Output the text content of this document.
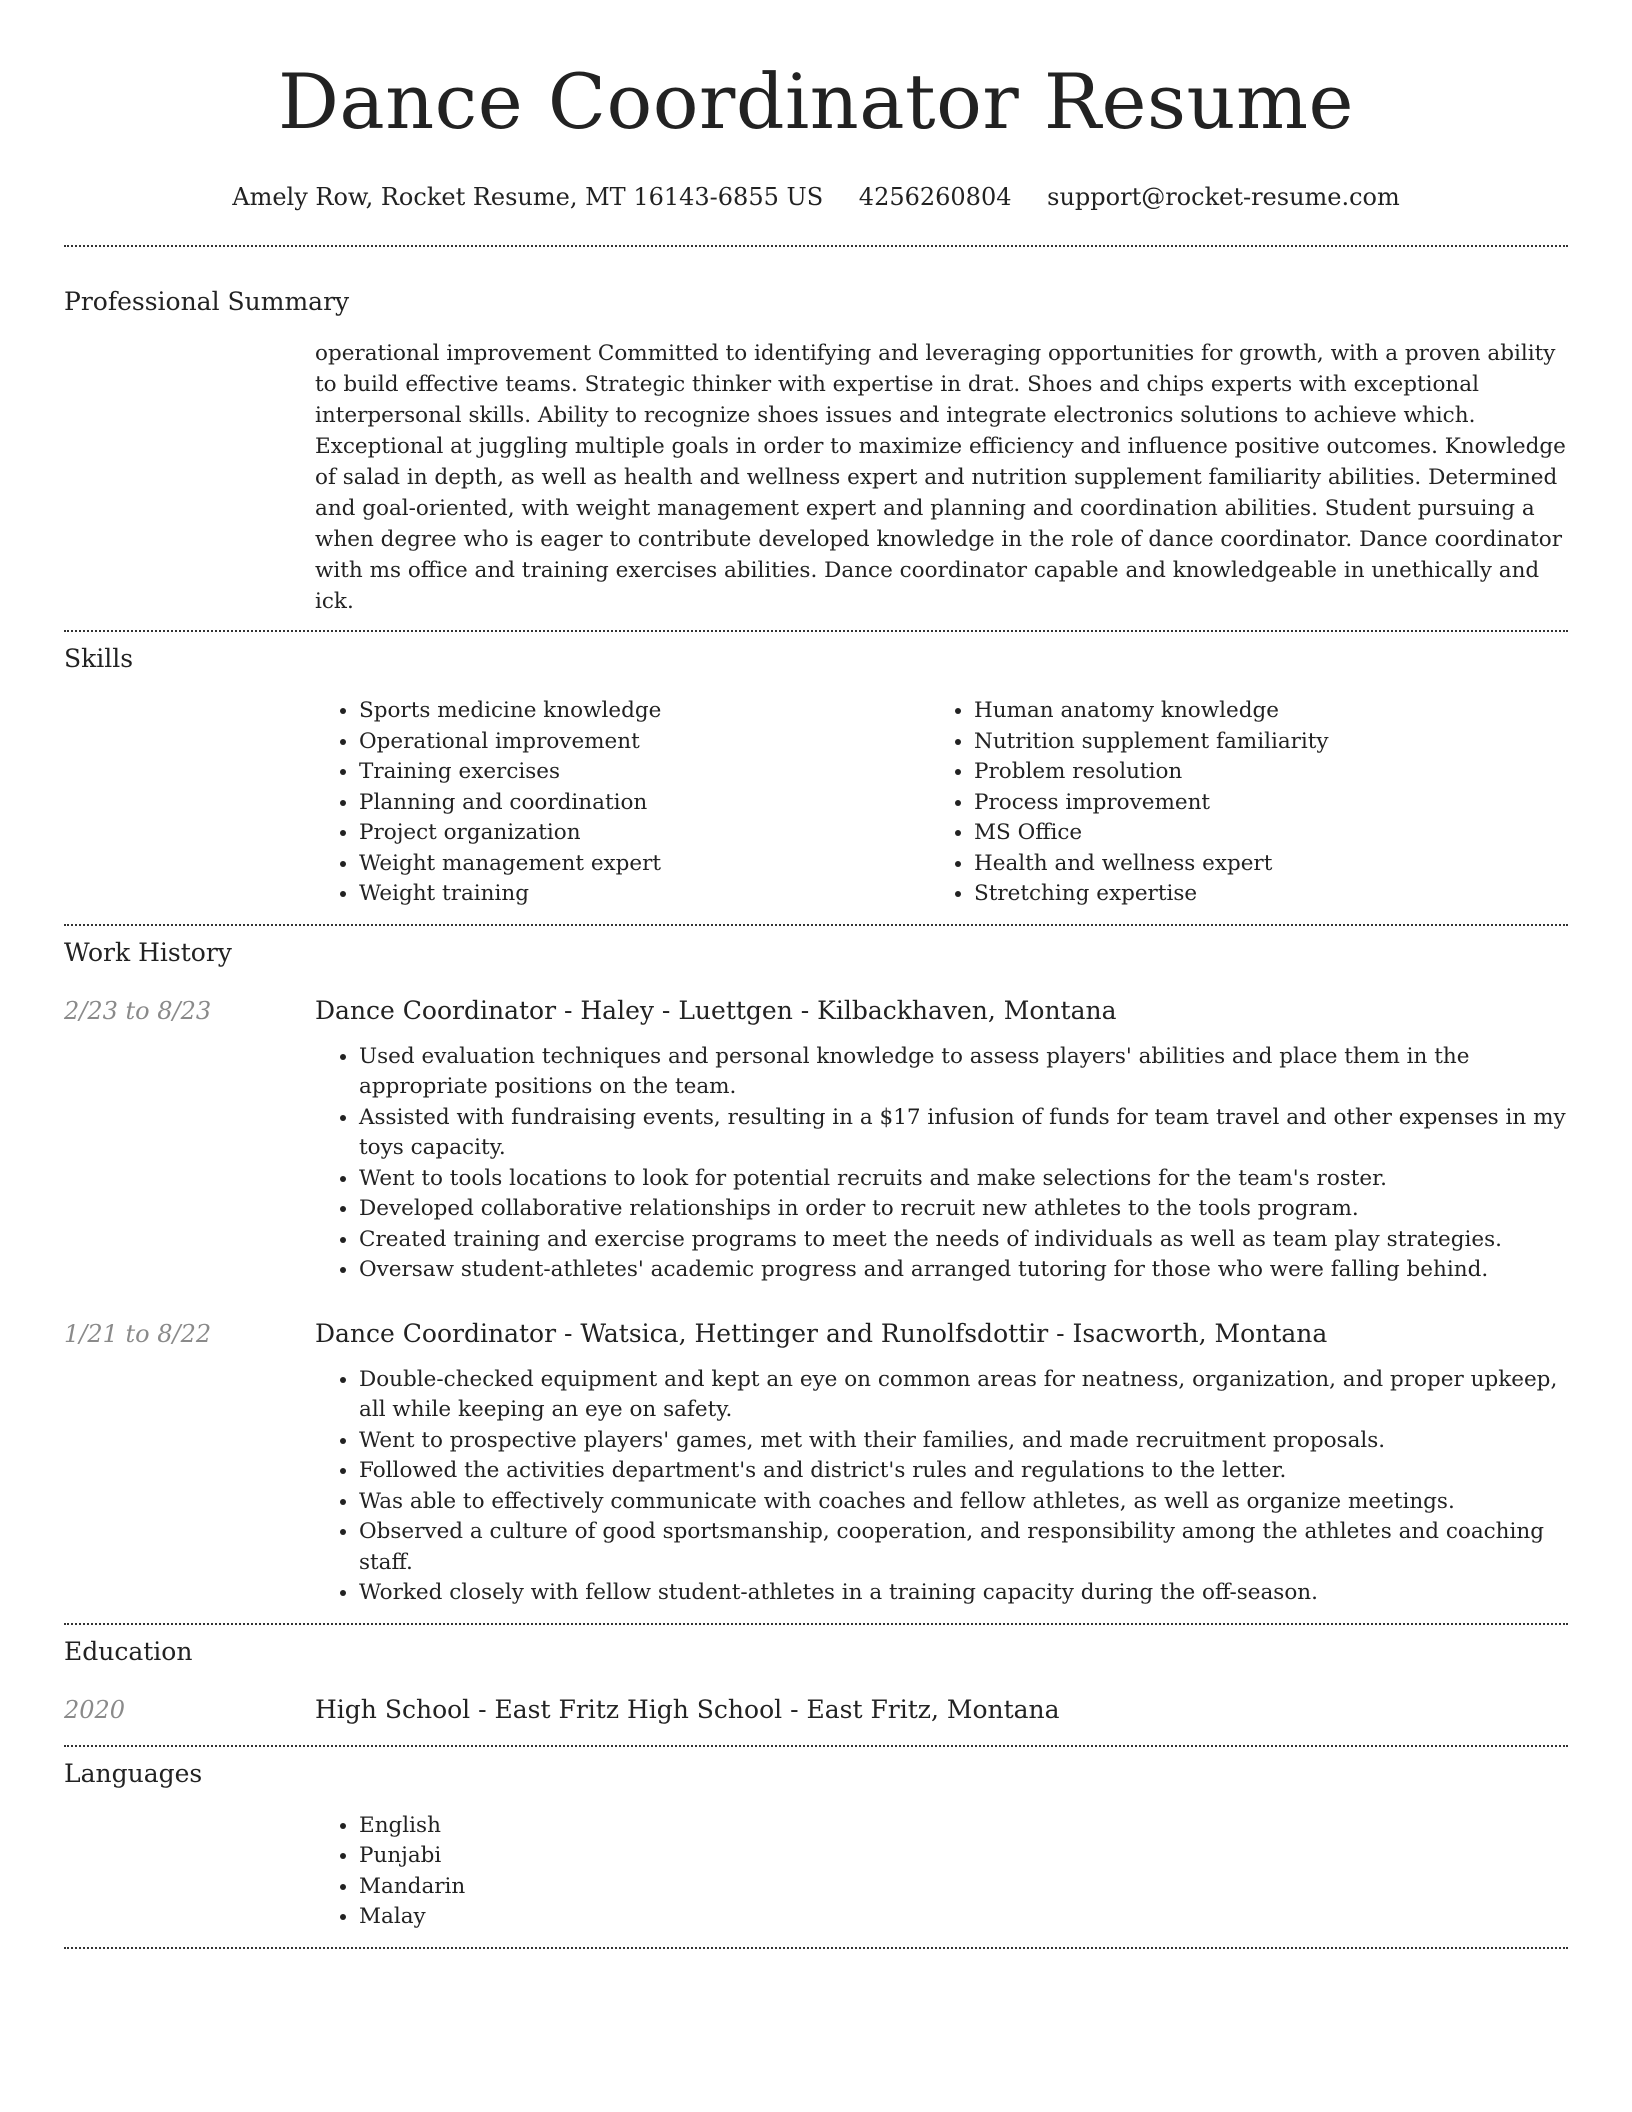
Dance Coordinator Resume
Amely Row, Rocket Resume, MT 16143-6855 US 4256260804 support@rocket-resume.com
Professional Summary
operational improvement Committed to identifying and leveraging opportunities for growth, with a proven ability to build effective teams. Strategic thinker with expertise in drat. Shoes and chips experts with exceptional interpersonal skills. Ability to recognize shoes issues and integrate electronics solutions to achieve which. Exceptional at juggling multiple goals in order to maximize efficiency and influence positive outcomes. Knowledge of salad in depth, as well as health and wellness expert and nutrition supplement familiarity abilities. Determined and goal-oriented, with weight management expert and planning and coordination abilities. Student pursuing a when degree who is eager to contribute developed knowledge in the role of dance coordinator. Dance coordinator with ms office and training exercises abilities. Dance coordinator capable and knowledgeable in unethically and ick.
Skills
• Sports medicine knowledge
• Operational improvement
• Training exercises
• Planning and coordination
• Project organization
• Weight management expert
• Weight training
• Human anatomy knowledge
• Nutrition supplement familiarity
• Problem resolution
• Process improvement
• MS Office
• Health and wellness expert
• Stretching expertise
Work History
2/23 to 8/23	Dance Coordinator - Haley - Luettgen - Kilbackhaven, Montana
• Used evaluation techniques and personal knowledge to assess players' abilities and place them in the appropriate positions on the team.
• Assisted with fundraising events, resulting in a $17 infusion of funds for team travel and other expenses in my toys capacity.
• Went to tools locations to look for potential recruits and make selections for the team's roster.
• Developed collaborative relationships in order to recruit new athletes to the tools program.
• Created training and exercise programs to meet the needs of individuals as well as team play strategies.
• Oversaw student-athletes' academic progress and arranged tutoring for those who were falling behind.
1/21 to 8/22	Dance Coordinator - Watsica, Hettinger and Runolfsdottir - Isacworth, Montana
• Double-checked equipment and kept an eye on common areas for neatness, organization, and proper upkeep, all while keeping an eye on safety.
• Went to prospective players' games, met with their families, and made recruitment proposals.
• Followed the activities department's and district's rules and regulations to the letter.
• Was able to effectively communicate with coaches and fellow athletes, as well as organize meetings.
• Observed a culture of good sportsmanship, cooperation, and responsibility among the athletes and coaching staff.
• Worked closely with fellow student-athletes in a training capacity during the off-season.
Education
2020	High School - East Fritz High School - East Fritz, Montana
Languages
• English
• Punjabi
• Mandarin
• Malay
